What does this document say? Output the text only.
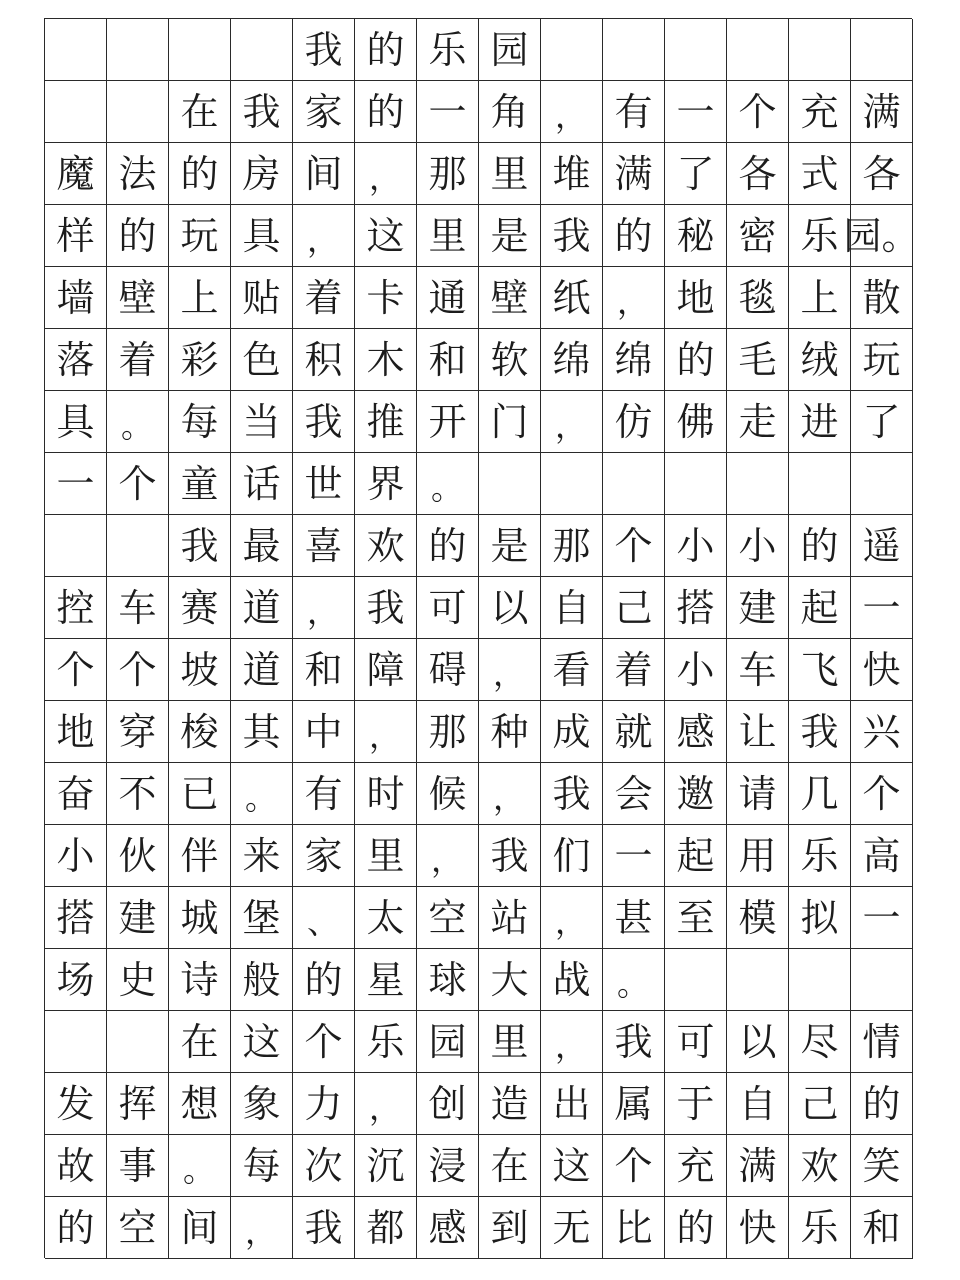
我 的 乐 园
在 我 家 的 一 角 ， 有 一 个 充 满
魔 法 的 房 间 ， 那 里 堆 满 了 各 式 各
样 的 玩 具 ， 这 里 是 我 的 秘 密 乐 园。
墙 壁 上 贴 着 卡 通 壁 纸 ， 地 毯 上 散
落 着 彩 色 积 木 和 软 绵 绵 的 毛 绒 玩
具 。 每 当 我 推 开 门 ， 仿 佛 走 进 了
一 个 童 话 世 界 。
我 最 喜 欢 的 是 那 个 小 小 的 遥
控 车 赛 道 ， 我 可 以 自 己 搭 建 起 一
个 个 坡 道 和 障 碍 ， 看 着 小 车 飞 快
地 穿 梭 其 中 ， 那 种 成 就 感 让 我 兴
奋 不 已 。 有 时 候 ， 我 会 邀 请 几 个
小 伙 伴 来 家 里 ， 我 们 一 起 用 乐 高
搭 建 城 堡 、 太 空 站 ， 甚 至 模 拟 一
场 史 诗 般 的 星 球 大 战 。
在 这 个 乐 园 里 ， 我 可 以 尽 情
发 挥 想 象 力 ， 创 造 出 属 于 自 己 的
故 事 。 每 次 沉 浸 在 这 个 充 满 欢 笑
的 空 间 ， 我 都 感 到 无 比 的 快 乐 和
